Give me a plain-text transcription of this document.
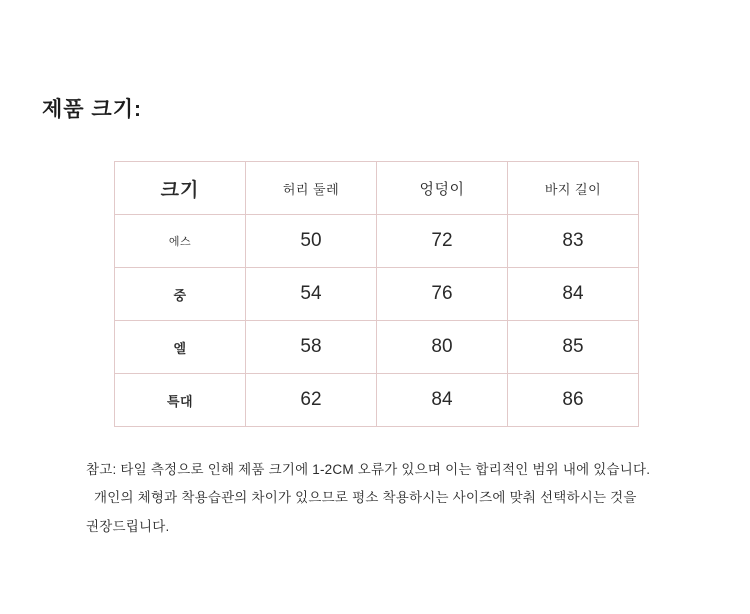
제품 크기:
크기	허리 둘레	엉덩이	바지 길이
에스	50	72	83
중	54	76	84
엘	58	80	85
특대	62	84	86
참고: 타일 측정으로 인해 제품 크기에 1-2CM 오류가 있으며 이는 합리적인 범위 내에 있습니다.
개인의 체형과 착용습관의 차이가 있으므로 평소 착용하시는 사이즈에 맞춰 선택하시는 것을
권장드립니다.
